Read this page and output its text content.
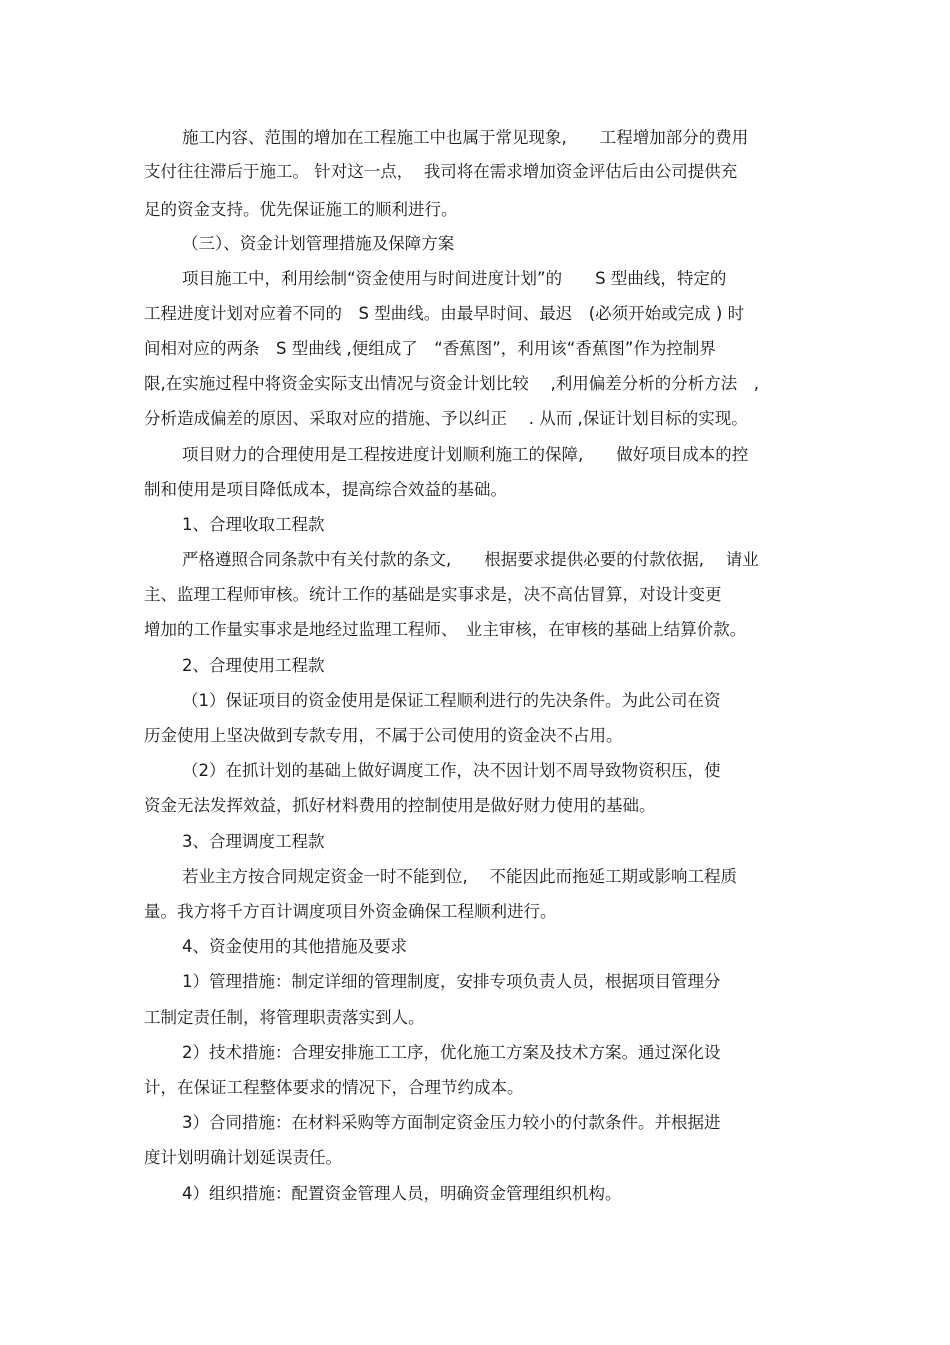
施工内容、范围的增加在工程施工中也属于常见现象,　　工程增加部分的费用
支付往往滞后于施工。 针对这一点，  我司将在需求增加资金评估后由公司提供充
足的资金支持。优先保证施工的顺利进行。
（三）、资金计划管理措施及保障方案
项目施工中，利用绘制“资金使用与时间进度计划”的　　S 型曲线，特定的
工程进度计划对应着不同的　S 型曲线。由最早时间、最迟　(必须开始或完成 ) 时
间相对应的两条　S 型曲线 ,便组成了　“香蕉图”，利用该“香蕉图”作为控制界
限,在实施过程中将资金实际支出情况与资金计划比较　 ,利用偏差分析的分析方法　,
分析造成偏差的原因、采取对应的措施、予以纠正　 . 从而 ,保证计划目标的实现。
项目财力的合理使用是工程按进度计划顺利施工的保障,　　做好项目成本的控
制和使用是项目降低成本，提高综合效益的基础。
1、合理收取工程款
严格遵照合同条款中有关付款的条文,　　根据要求提供必要的付款依据,　 请业
主、监理工程师审核。统计工作的基础是实事求是，决不高估冒算，对设计变更
增加的工作量实事求是地经过监理工程师、　业主审核，在审核的基础上结算价款。
2、合理使用工程款
（1）保证项目的资金使用是保证工程顺利进行的先决条件。为此公司在资
历金使用上坚决做到专款专用，不属于公司使用的资金决不占用。
（2）在抓计划的基础上做好调度工作，决不因计划不周导致物资积压，使
资金无法发挥效益，抓好材料费用的控制使用是做好财力使用的基础。
3、合理调度工程款
若业主方按合同规定资金一时不能到位,　 不能因此而拖延工期或影响工程质
量。我方将千方百计调度项目外资金确保工程顺利进行。
4、资金使用的其他措施及要求
1）管理措施：制定详细的管理制度，安排专项负责人员，根据项目管理分
工制定责任制，将管理职责落实到人。
2）技术措施：合理安排施工工序，优化施工方案及技术方案。通过深化设
计，在保证工程整体要求的情况下，合理节约成本。
3）合同措施：在材料采购等方面制定资金压力较小的付款条件。并根据进
度计划明确计划延误责任。
4）组织措施：配置资金管理人员，明确资金管理组织机构。
